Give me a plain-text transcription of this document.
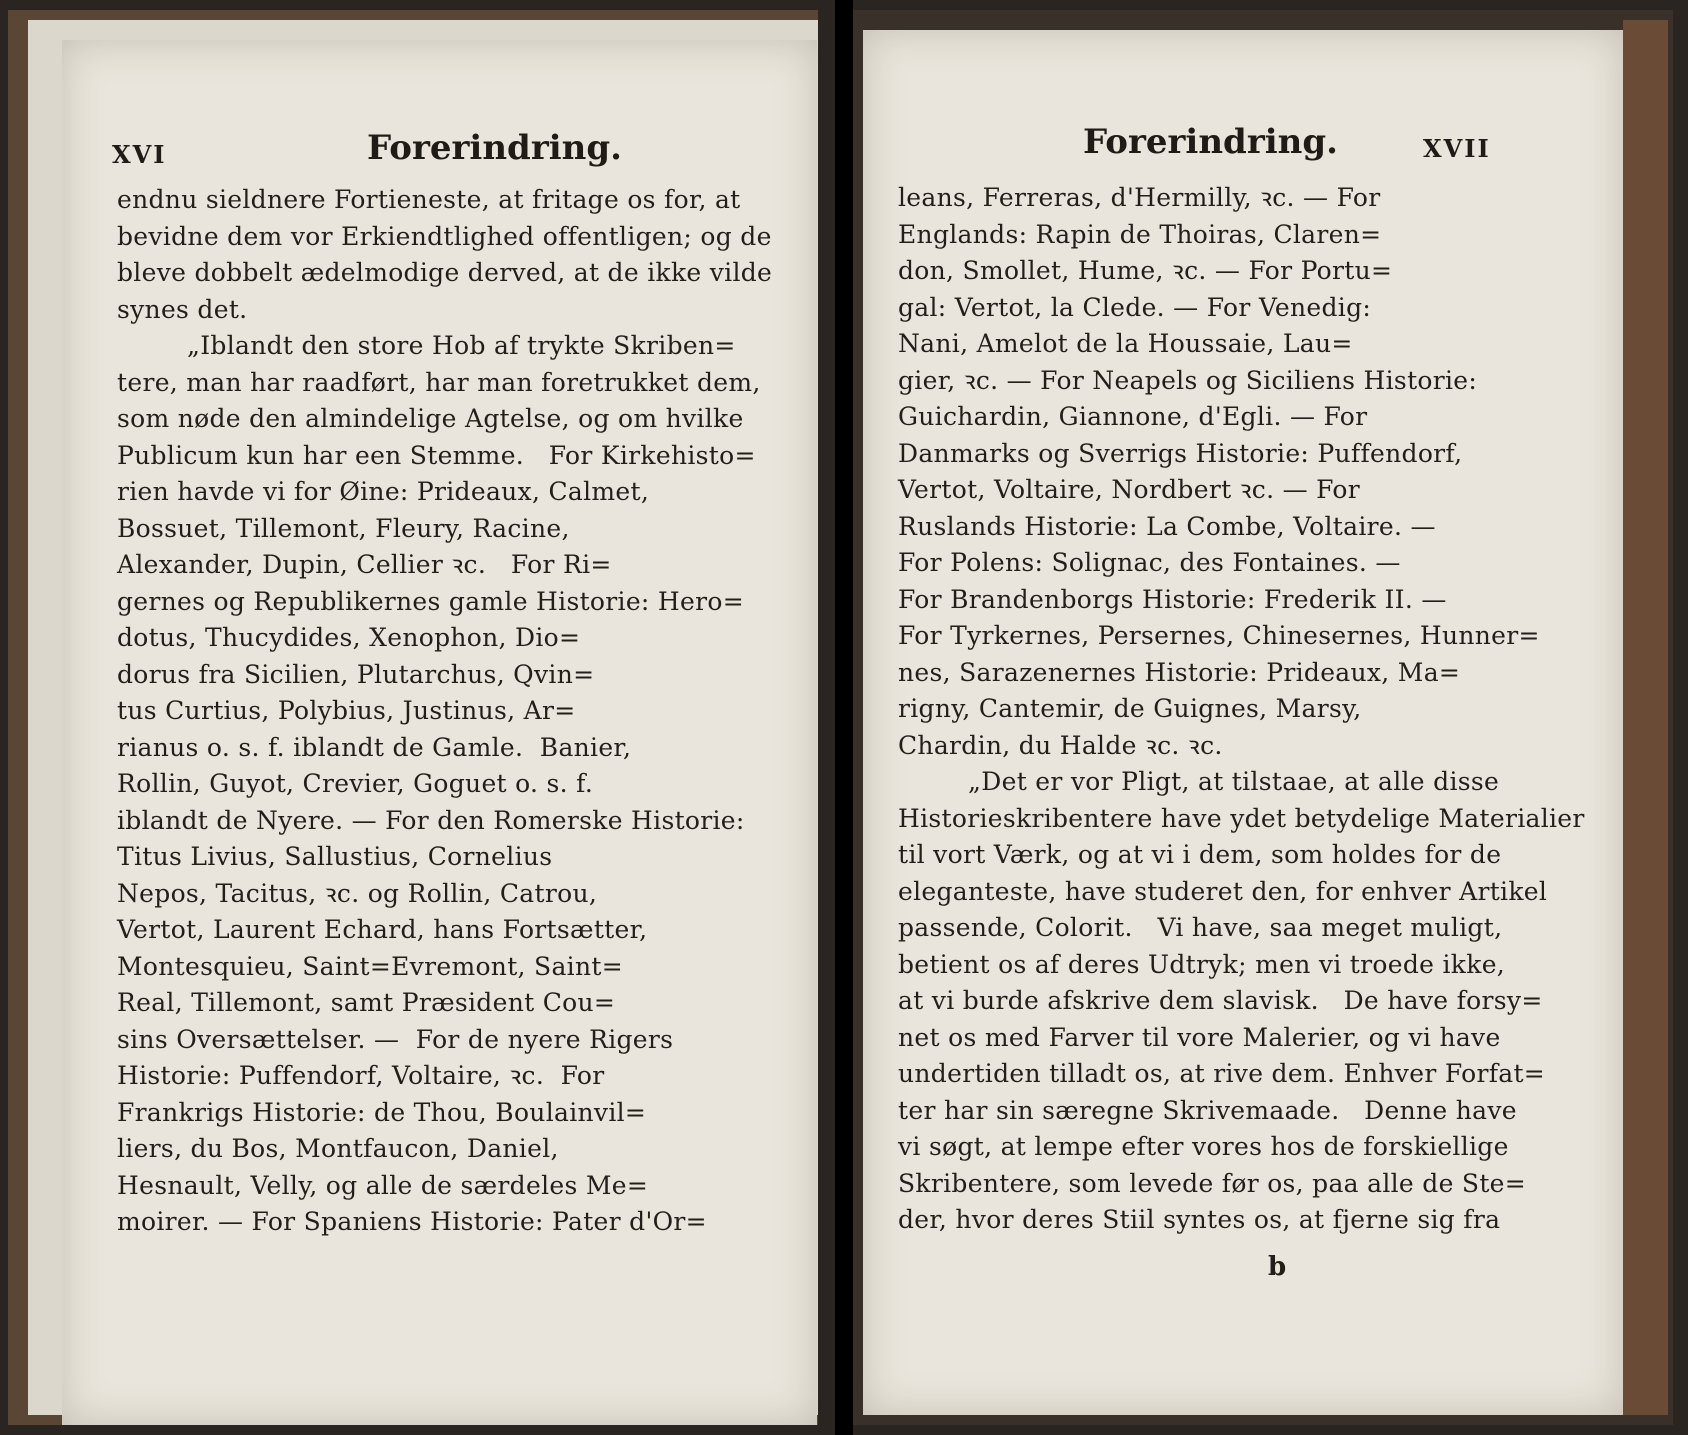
XVI	Forerindring.
endnu sieldnere Fortieneste, at fritage os for, at
bevidne dem vor Erkiendtlighed offentligen; og de
bleve dobbelt ædelmodige derved, at de ikke vilde
synes det.
„Iblandt den store Hob af trykte Skriben=
tere, man har raadført, har man foretrukket dem,
som nøde den almindelige Agtelse, og om hvilke
Publicum kun har een Stemme.   For Kirkehisto=
rien havde vi for Øine: Prideaux, Calmet,
Bossuet, Tillemont, Fleury, Racine,
Alexander, Dupin, Cellier ꝛc.   For Ri=
gernes og Republikernes gamle Historie: Hero=
dotus, Thucydides, Xenophon, Dio=
dorus fra Sicilien, Plutarchus, Qvin=
tus Curtius, Polybius, Justinus, Ar=
rianus o. s. f. iblandt de Gamle.  Banier,
Rollin, Guyot, Crevier, Goguet o. s. f.
iblandt de Nyere. — For den Romerske Historie:
Titus Livius, Sallustius, Cornelius
Nepos, Tacitus, ꝛc. og Rollin, Catrou,
Vertot, Laurent Echard, hans Fortsætter,
Montesquieu, Saint=Evremont, Saint=
Real, Tillemont, samt Præsident Cou=
sins Oversættelser. —  For de nyere Rigers
Historie: Puffendorf, Voltaire, ꝛc.  For
Frankrigs Historie: de Thou, Boulainvil=
liers, du Bos, Montfaucon, Daniel,
Hesnault, Velly, og alle de særdeles Me=
moirer. — For Spaniens Historie: Pater d'Or=
Forerindring.	XVII
leans, Ferreras, d'Hermilly, ꝛc. — For
Englands: Rapin de Thoiras, Claren=
don, Smollet, Hume, ꝛc. — For Portu=
gal: Vertot, la Clede. — For Venedig:
Nani, Amelot de la Houssaie, Lau=
gier, ꝛc. — For Neapels og Siciliens Historie:
Guichardin, Giannone, d'Egli. — For
Danmarks og Sverrigs Historie: Puffendorf,
Vertot, Voltaire, Nordbert ꝛc. — For
Ruslands Historie: La Combe, Voltaire. —
For Polens: Solignac, des Fontaines. —
For Brandenborgs Historie: Frederik II. —
For Tyrkernes, Persernes, Chinesernes, Hunner=
nes, Sarazenernes Historie: Prideaux, Ma=
rigny, Cantemir, de Guignes, Marsy,
Chardin, du Halde ꝛc. ꝛc.
„Det er vor Pligt, at tilstaae, at alle disse
Historieskribentere have ydet betydelige Materialier
til vort Værk, og at vi i dem, som holdes for de
eleganteste, have studeret den, for enhver Artikel
passende, Colorit.   Vi have, saa meget muligt,
betient os af deres Udtryk; men vi troede ikke,
at vi burde afskrive dem slavisk.   De have forsy=
net os med Farver til vore Malerier, og vi have
undertiden tilladt os, at rive dem. Enhver Forfat=
ter har sin særegne Skrivemaade.   Denne have
vi søgt, at lempe efter vores hos de forskiellige
Skribentere, som levede før os, paa alle de Ste=
der, hvor deres Stiil syntes os, at fjerne sig fra
b
